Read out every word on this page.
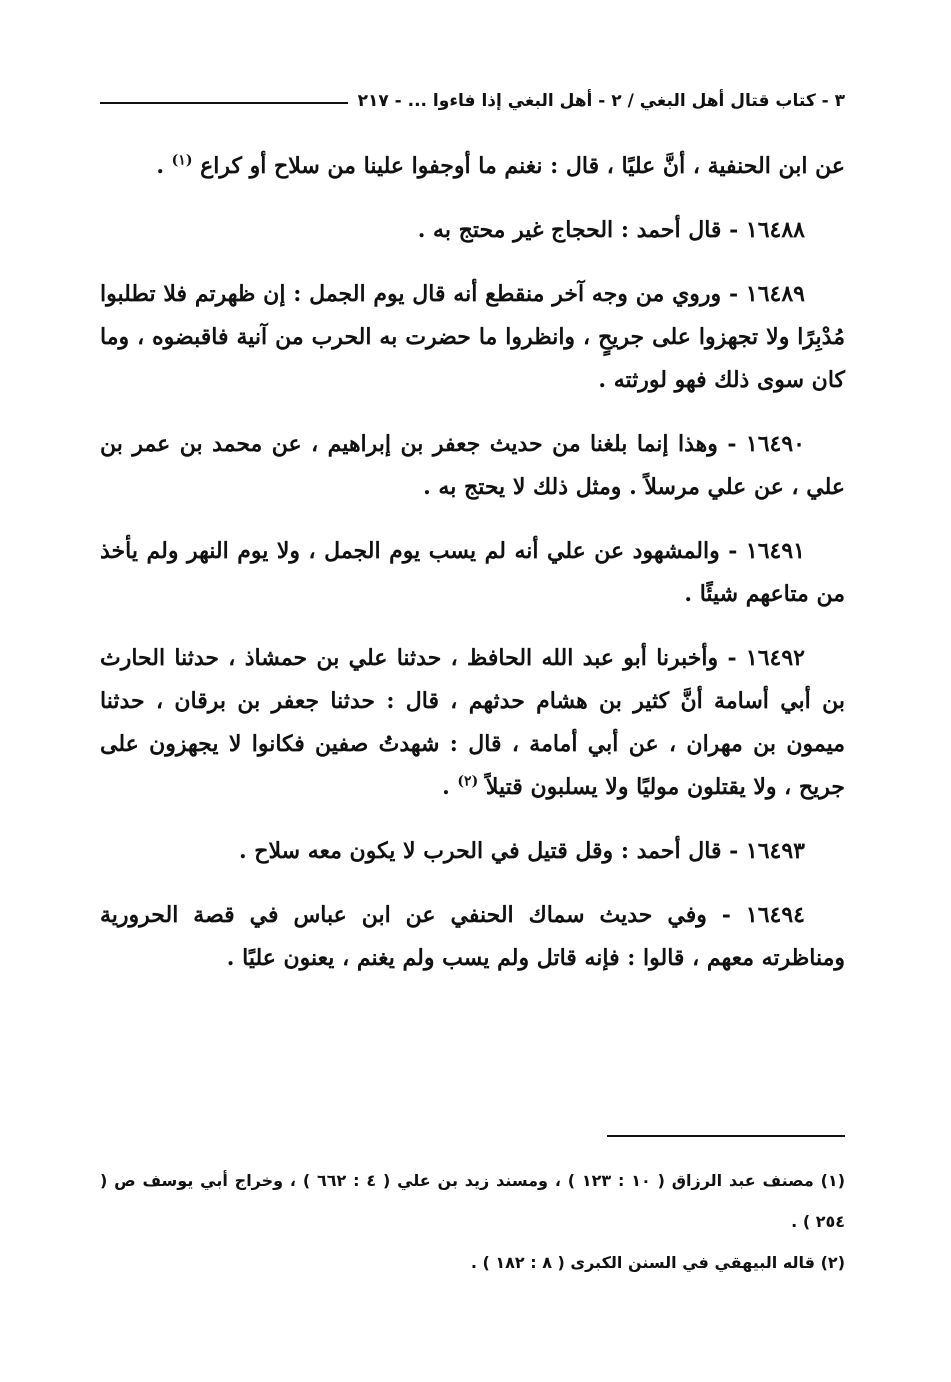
٣ - كتاب قتال أهل البغي / ٢ - أهل البغي إذا فاءوا ... - ٢١٧

عن ابن الحنفية ، أنَّ عليًا ، قال : نغنم ما أوجفوا علينا من سلاح أو كراع $^{(١)}$ .

١٦٤٨٨ - قال أحمد : الحجاج غير محتج به .

١٦٤٨٩ - وروي من وجه آخر منقطع أنه قال يوم الجمل : إن ظهرتم فلا تطلبوا مُدْبِرًا ولا تجهزوا على جريحٍ ، وانظروا ما حضرت به الحرب من آنية فاقبضوه ، وما كان سوى ذلك فهو لورثته .

١٦٤٩٠ - وهذا إنما بلغنا من حديث جعفر بن إبراهيم ، عن محمد بن عمر بن علي ، عن علي مرسلاً . ومثل ذلك لا يحتج به .

١٦٤٩١ - والمشهود عن علي أنه لم يسب يوم الجمل ، ولا يوم النهر ولم يأخذ من متاعهم شيئًا .

١٦٤٩٢ - وأخبرنا أبو عبد الله الحافظ ، حدثنا علي بن حمشاذ ، حدثنا الحارث بن أبي أسامة أنَّ كثير بن هشام حدثهم ، قال : حدثنا جعفر بن برقان ، حدثنا ميمون بن مهران ، عن أبي أمامة ، قال : شهدتُ صفين فكانوا لا يجهزون على جريح ، ولا يقتلون موليًا ولا يسلبون قتيلاً $^{(٢)}$ .

١٦٤٩٣ - قال أحمد : وقل قتيل في الحرب لا يكون معه سلاح .

١٦٤٩٤ - وفي حديث سماك الحنفي عن ابن عباس في قصة الحرورية ومناظرته معهم ، قالوا : فإنه قاتل ولم يسب ولم يغنم ، يعنون عليًا .

(١) مصنف عبد الرزاق ( ١٠ : ١٢٣ ) ، ومسند زيد بن علي ( ٤ : ٦٦٢ ) ، وخراج أبي يوسف ص ( ٢٥٤ ) .

(٢) قاله البيهقي في السنن الكبرى ( ٨ : ١٨٢ ) .
